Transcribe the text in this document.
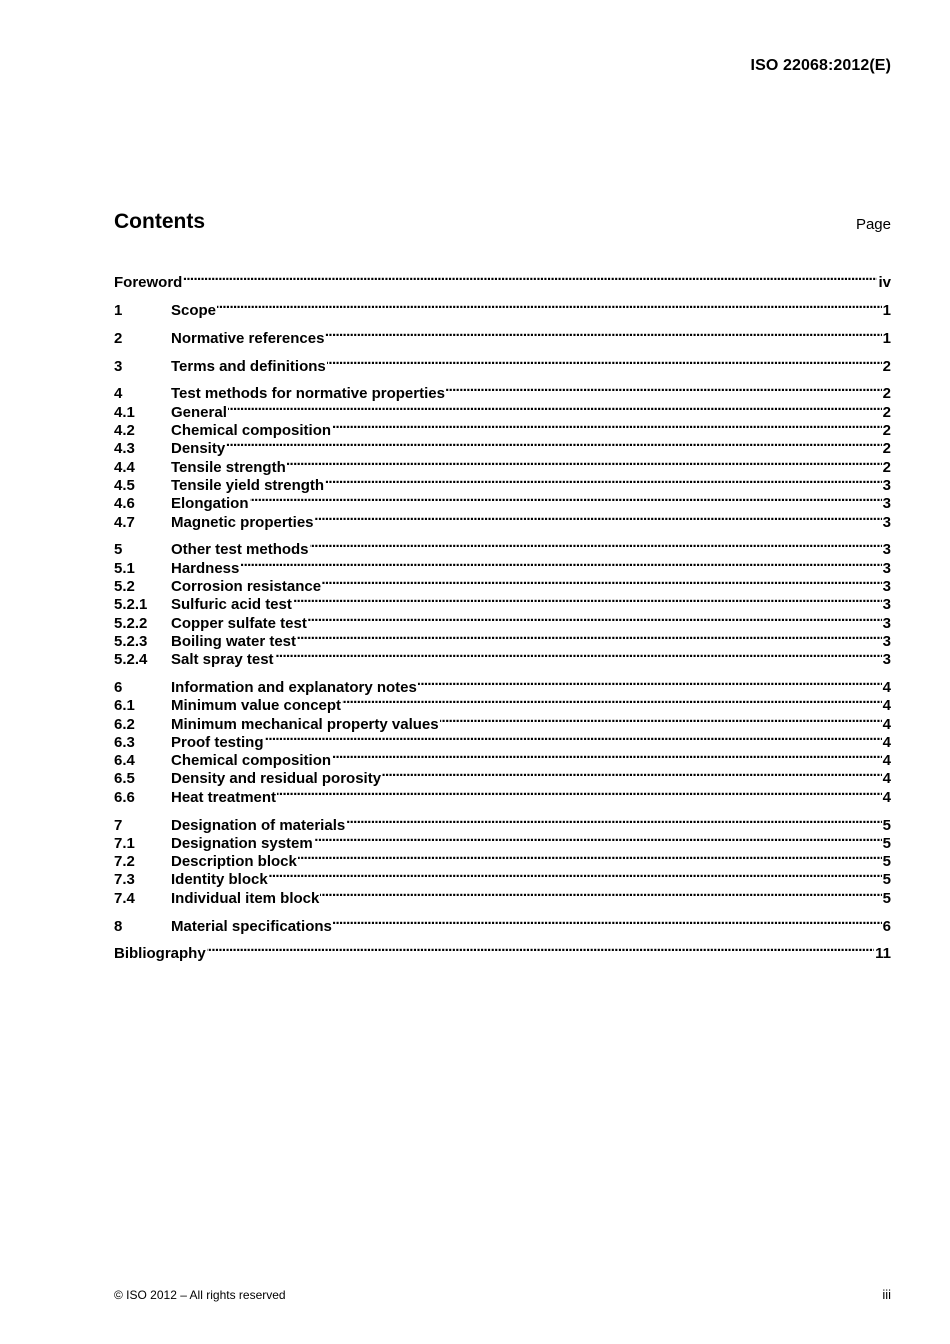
ISO 22068:2012(E)
Contents	Page
Foreword . . .	iv
1	Scope . . .	1
2	Normative references . . .	1
3	Terms and definitions . . .	2
4	Test methods for normative properties . . .	2
4.1	General . . .	2
4.2	Chemical composition . . .	2
4.3	Density . . .	2
4.4	Tensile strength . . .	2
4.5	Tensile yield strength . . .	3
4.6	Elongation . . .	3
4.7	Magnetic properties . . .	3
5	Other test methods . . .	3
5.1	Hardness . . .	3
5.2	Corrosion resistance . . .	3
5.2.1	Sulfuric acid test . . .	3
5.2.2	Copper sulfate test . . .	3
5.2.3	Boiling water test . . .	3
5.2.4	Salt spray test . . .	3
6	Information and explanatory notes . . .	4
6.1	Minimum value concept . . .	4
6.2	Minimum mechanical property values . . .	4
6.3	Proof testing . . .	4
6.4	Chemical composition . . .	4
6.5	Density and residual porosity . . .	4
6.6	Heat treatment . . .	4
7	Designation of materials . . .	5
7.1	Designation system . . .	5
7.2	Description block . . .	5
7.3	Identity block . . .	5
7.4	Individual item block . . .	5
8	Material specifications . . .	6
Bibliography . . .	11
© ISO 2012 – All rights reserved	iii
